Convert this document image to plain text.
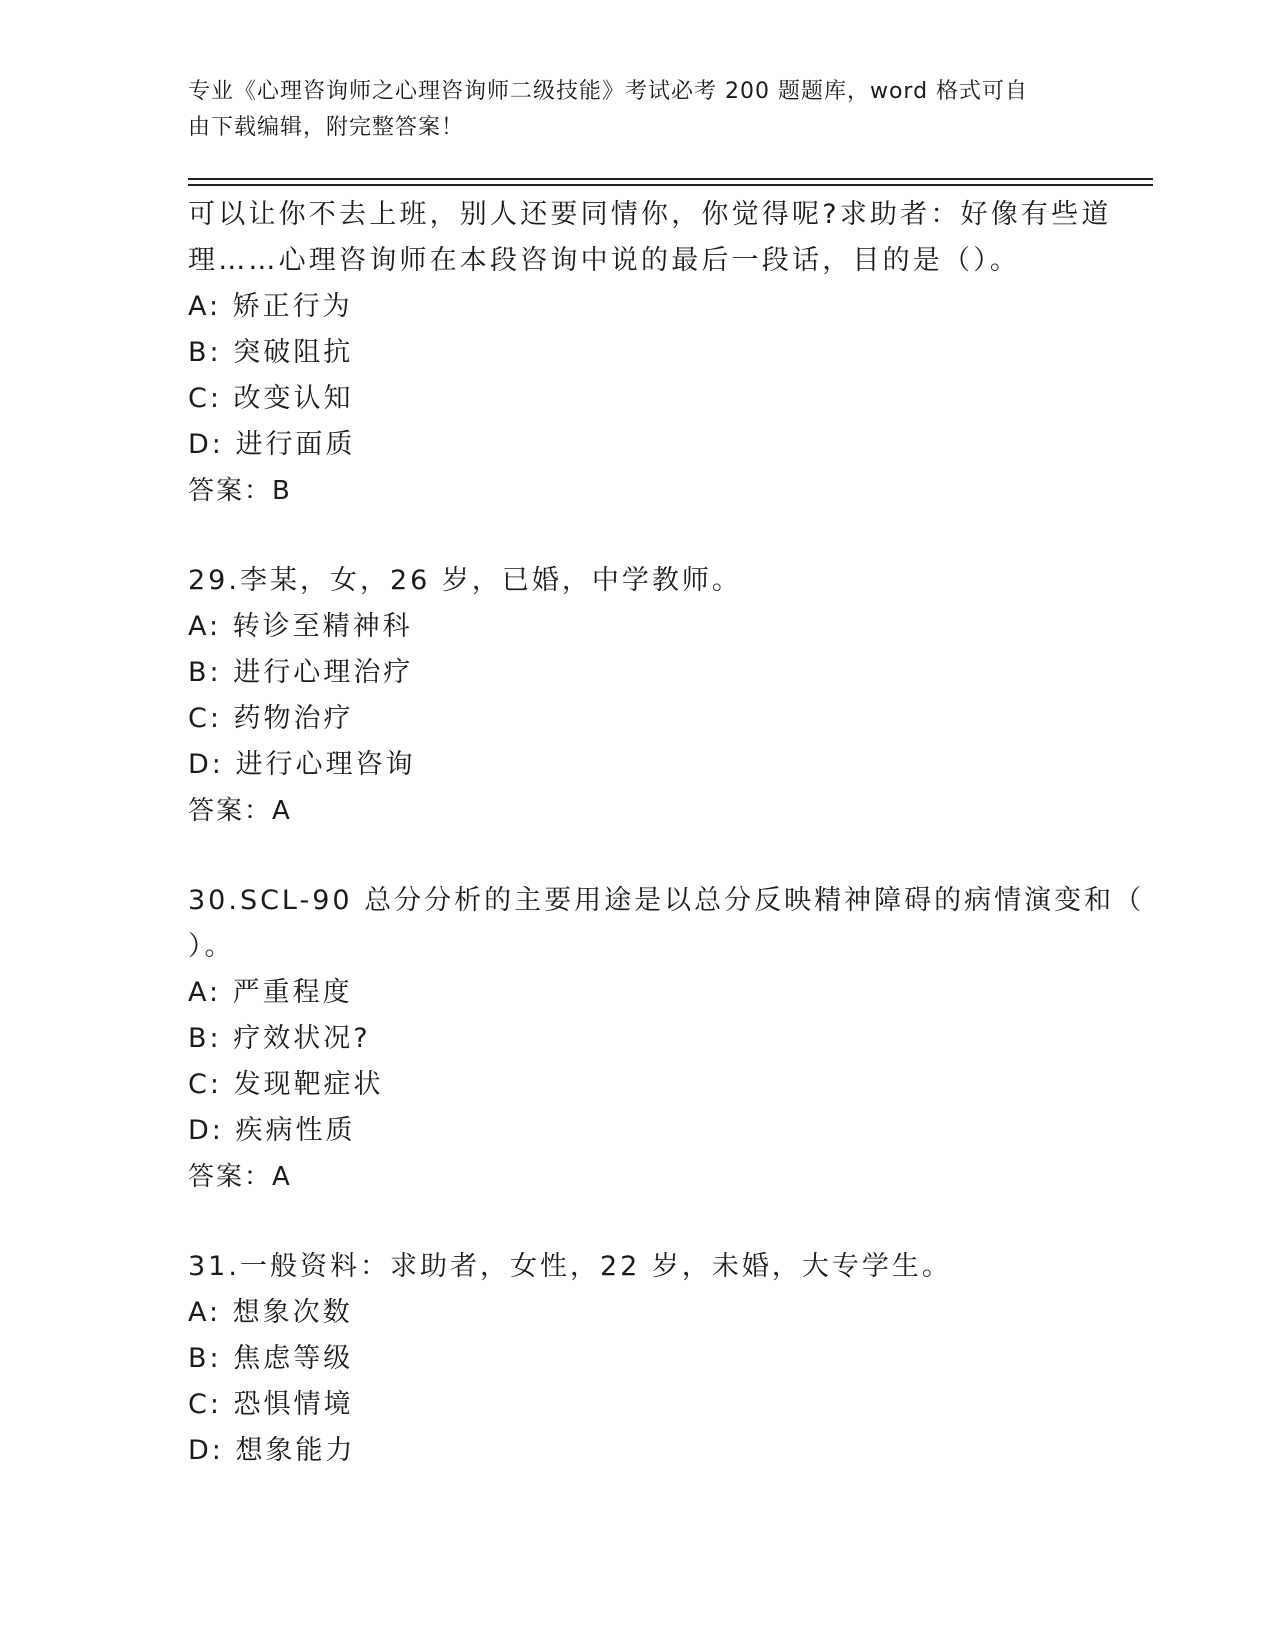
专业《心理咨询师之心理咨询师二级技能》考试必考 200 题题库，word 格式可自
由下载编辑，附完整答案！
可以让你不去上班，别人还要同情你，你觉得呢?求助者：好像有些道
理……心理咨询师在本段咨询中说的最后一段话，目的是（）。
A: 矫正行为
B: 突破阻抗
C: 改变认知
D: 进行面质
答案：B
29.李某，女，26 岁，已婚，中学教师。
A: 转诊至精神科
B: 进行心理治疗
C: 药物治疗
D: 进行心理咨询
答案：A
30.SCL-90 总分分析的主要用途是以总分反映精神障碍的病情演变和（
）。
A: 严重程度
B: 疗效状况?
C: 发现靶症状
D: 疾病性质
答案：A
31.一般资料：求助者，女性，22 岁，未婚，大专学生。
A: 想象次数
B: 焦虑等级
C: 恐惧情境
D: 想象能力
